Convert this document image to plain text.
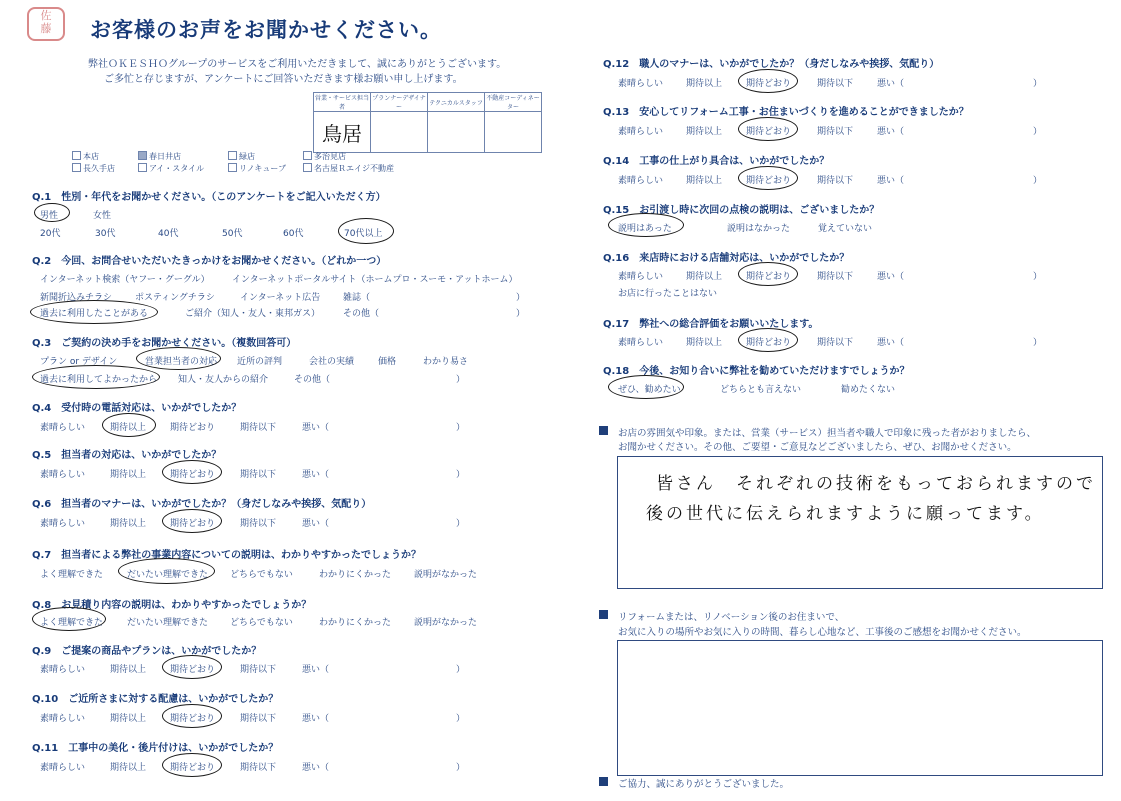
佐
藤	お客様のお声をお聞かせください。
弊社ＯＫＥＳＨＯグループのサービスをご利用いただきまして、誠にありがとうございます。
ご多忙と存じますが、アンケートにご回答いただきます様お願い申し上げます。
営業・サービス担当者	プランナーデザイナー	テクニカルスタッフ	不動産コーディネーター
鳥居			
本店	春日井店	緑店	多治見店
長久手店	アイ・スタイル	リノキューブ	名古屋Ｒエイジ不動産
Q.1　性別・年代をお聞かせください。（このアンケートをご記入いただく方）
男性	女性
20代	30代	40代	50代	60代	70代以上
Q.2　今回、お問合せいただいたきっかけをお聞かせください。（どれか一つ）
インターネット検索（ヤフー・グーグル） インターネットポータルサイト（ホームプロ・スーモ・アットホーム）
新聞折込みチラシ	ポスティングチラシ	インターネット広告	雑誌（	）
過去に利用したことがある	ご紹介（知人・友人・東邦ガス）	その他（	）
Q.3　ご契約の決め手をお聞かせください。（複数回答可）
プラン or デザイン	営業担当者の対応 近所の評判	会社の実績	価格	わかり易さ
過去に利用してよかったから 知人・友人からの紹介	その他（	）
Q.4　受付時の電話対応は、いかがでしたか？
素晴らしい	期待以上	期待どおり	期待以下	悪い（	）
Q.5　担当者の対応は、いかがでしたか？
素晴らしい	期待以上	期待どおり	期待以下	悪い（	）
Q.6　担当者のマナーは、いかがでしたか？（身だしなみや挨拶、気配り）
素晴らしい	期待以上	期待どおり	期待以下	悪い（	）
Q.7　担当者による弊社の事業内容についての説明は、わかりやすかったでしょうか？
よく理解できた	だいたい理解できた どちらでもない	わかりにくかった	説明がなかった
Q.8　お見積り内容の説明は、わかりやすかったでしょうか？
よく理解できた	だいたい理解できた どちらでもない	わかりにくかった	説明がなかった
Q.9　ご提案の商品やプランは、いかがでしたか？
素晴らしい	期待以上	期待どおり	期待以下	悪い（	）
Q.10　ご近所さまに対する配慮は、いかがでしたか？
素晴らしい	期待以上	期待どおり	期待以下	悪い（	）
Q.11　工事中の美化・後片付けは、いかがでしたか？
素晴らしい	期待以上	期待どおり	期待以下	悪い（	）
Q.12　職人のマナーは、いかがでしたか？（身だしなみや挨拶、気配り）
素晴らしい	期待以上	期待どおり	期待以下	悪い（	）
Q.13　安心してリフォーム工事・お住まいづくりを進めることができましたか？
素晴らしい	期待以上	期待どおり	期待以下	悪い（	）
Q.14　工事の仕上がり具合は、いかがでしたか？
素晴らしい	期待以上	期待どおり	期待以下	悪い（	）
Q.15　お引渡し時に次回の点検の説明は、ございましたか？
説明はあった	説明はなかった	覚えていない
Q.16　来店時における店舗対応は、いかがでしたか？
素晴らしい	期待以上	期待どおり	期待以下	悪い（	）
お店に行ったことはない
Q.17　弊社への総合評価をお願いいたします。
素晴らしい	期待以上	期待どおり	期待以下	悪い（	）
Q.18　今後、お知り合いに弊社を勧めていただけますでしょうか？
ぜひ、勧めたい	どちらとも言えない	勧めたくない
お店の雰囲気や印象。または、営業（サービス）担当者や職人で印象に残った者がおりましたら、
お聞かせください。その他、ご要望・ご意見などございましたら、ぜひ、お聞かせください。
皆さん　それぞれの技術をもっておられますので
後の世代に伝えられますように願ってます。
リフォームまたは、リノベーション後のお住まいで、
お気に入りの場所やお気に入りの時間、暮らし心地など、工事後のご感想をお聞かせください。
ご協力、誠にありがとうございました。
